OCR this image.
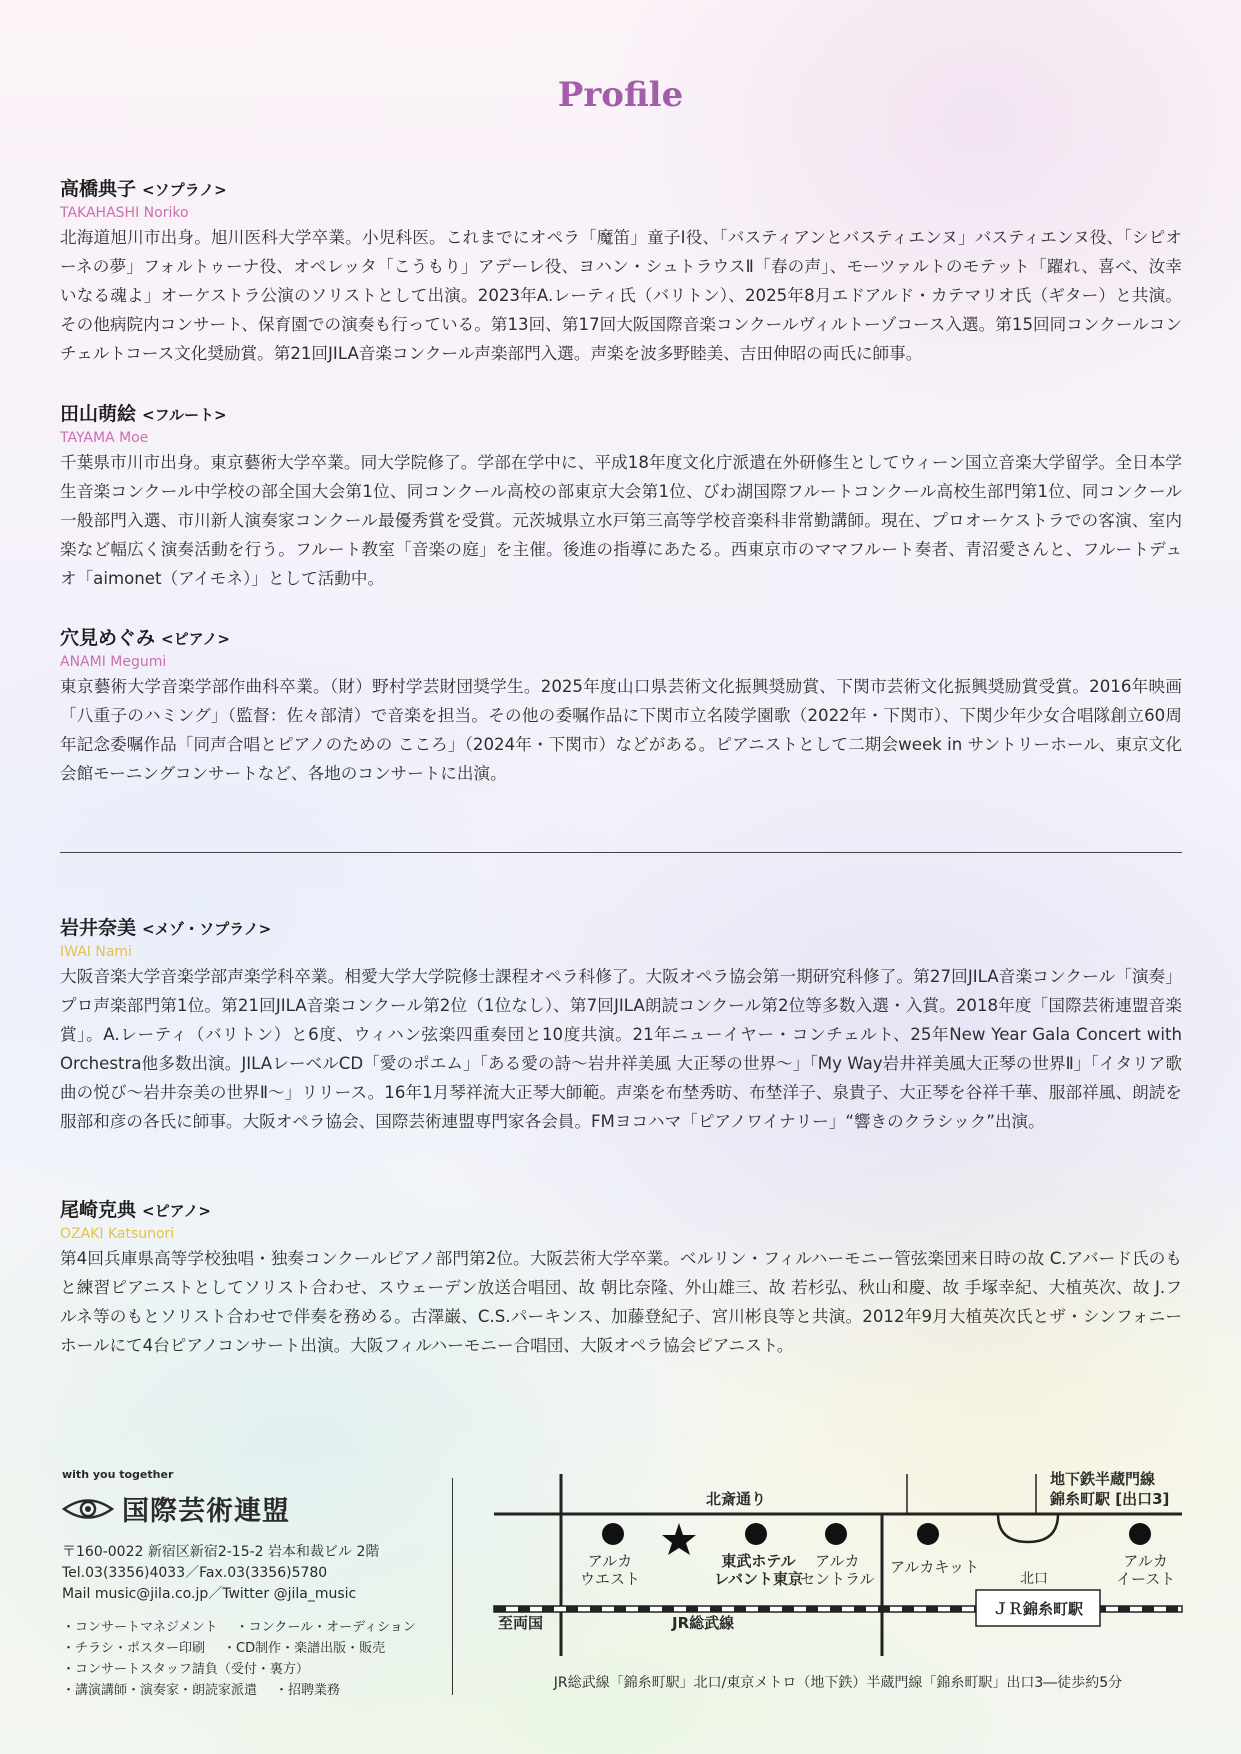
Profile

高橋典子 <ソプラノ>

TAKAHASHI Noriko

北海道旭川市出身。旭川医科大学卒業。小児科医。これまでにオペラ「魔笛」童子Ⅰ役、「バスティアンとバスティエンヌ」バスティエンヌ役、「シピオーネの夢」フォルトゥーナ役、オペレッタ「こうもり」アデーレ役、ヨハン・シュトラウスⅡ「春の声」、モーツァルトのモテット「躍れ、喜べ、汝幸いなる魂よ」オーケストラ公演のソリストとして出演。2023年A.レーティ氏（バリトン）、2025年8月エドアルド・カテマリオ氏（ギター）と共演。その他病院内コンサート、保育園での演奏も行っている。第13回、第17回大阪国際音楽コンクールヴィルトーゾコース入選。第15回同コンクールコンチェルトコース文化奨励賞。第21回JILA音楽コンクール声楽部門入選。声楽を波多野睦美、吉田伸昭の両氏に師事。

田山萌絵 <フルート>

TAYAMA Moe

千葉県市川市出身。東京藝術大学卒業。同大学院修了。学部在学中に、平成18年度文化庁派遣在外研修生としてウィーン国立音楽大学留学。全日本学生音楽コンクール中学校の部全国大会第1位、同コンクール高校の部東京大会第1位、びわ湖国際フルートコンクール高校生部門第1位、同コンクール一般部門入選、市川新人演奏家コンクール最優秀賞を受賞。元茨城県立水戸第三高等学校音楽科非常勤講師。現在、プロオーケストラでの客演、室内楽など幅広く演奏活動を行う。フルート教室「音楽の庭」を主催。後進の指導にあたる。西東京市のママフルート奏者、青沼愛さんと、フルートデュオ「aimonet（アイモネ）」として活動中。

穴見めぐみ <ピアノ>

ANAMI Megumi

東京藝術大学音楽学部作曲科卒業。（財）野村学芸財団奨学生。2025年度山口県芸術文化振興奨励賞、下関市芸術文化振興奨励賞受賞。2016年映画「八重子のハミング」（監督：佐々部清）で音楽を担当。その他の委嘱作品に下関市立名陵学園歌（2022年・下関市）、下関少年少女合唱隊創立60周年記念委嘱作品「同声合唱とピアノのための こころ」（2024年・下関市）などがある。ピアニストとして二期会week in サントリーホール、東京文化会館モーニングコンサートなど、各地のコンサートに出演。

岩井奈美 <メゾ・ソプラノ>

IWAI Nami

大阪音楽大学音楽学部声楽学科卒業。相愛大学大学院修士課程オペラ科修了。大阪オペラ協会第一期研究科修了。第27回JILA音楽コンクール「演奏」プロ声楽部門第1位。第21回JILA音楽コンクール第2位（1位なし）、第7回JILA朗読コンクール第2位等多数入選・入賞。2018年度「国際芸術連盟音楽賞」。A.レーティ（バリトン）と6度、ウィハン弦楽四重奏団と10度共演。21年ニューイヤー・コンチェルト、25年New Year Gala Concert with Orchestra他多数出演。JILAレーベルCD「愛のポエム」「ある愛の詩〜岩井祥美風 大正琴の世界〜」「My Way岩井祥美風大正琴の世界Ⅱ」「イタリア歌曲の悦び〜岩井奈美の世界Ⅱ〜」リリース。16年1月琴祥流大正琴大師範。声楽を布埜秀昉、布埜洋子、泉貴子、大正琴を谷祥千華、服部祥風、朗読を服部和彦の各氏に師事。大阪オペラ協会、国際芸術連盟専門家各会員。FMヨコハマ「ピアノワイナリー」“響きのクラシック”出演。

尾崎克典 <ピアノ>

OZAKI Katsunori

第4回兵庫県高等学校独唱・独奏コンクールピアノ部門第2位。大阪芸術大学卒業。ベルリン・フィルハーモニー管弦楽団来日時の故 C.アバード氏のもと練習ピアニストとしてソリスト合わせ、スウェーデン放送合唱団、故 朝比奈隆、外山雄三、故 若杉弘、秋山和慶、故 手塚幸紀、大植英次、故 J.フルネ等のもとソリスト合わせで伴奏を務める。古澤巌、C.S.パーキンス、加藤登紀子、宮川彬良等と共演。2012年9月大植英次氏とザ・シンフォニーホールにて4台ピアノコンサート出演。大阪フィルハーモニー合唱団、大阪オペラ協会ピアニスト。

with you together

国際芸術連盟

〒160-0022 新宿区新宿2-15-2 岩本和裁ビル 2階

Tel.03(3356)4033／Fax.03(3356)5780

Mail music@jila.co.jp／Twitter @jila_music

・コンサートマネジメント ・コンクール・オーディション
・チラシ・ポスター印刷 ・CD制作・楽譜出版・販売
・コンサートスタッフ請負（受付・裏方）
・講演講師・演奏家・朗読家派遣 ・招聘業務
北斎通り
地下鉄半蔵門線
錦糸町駅 [出口3]
アルカ
ウエスト
東武ホテル
レバント東京
アルカ
セントラル
アルカキット	アルカ
イースト
至両国	JR総武線
北口
ＪＲ錦糸町駅
JR総武線「錦糸町駅」北口/東京メトロ（地下鉄）半蔵門線「錦糸町駅」出口3―徒歩約5分
